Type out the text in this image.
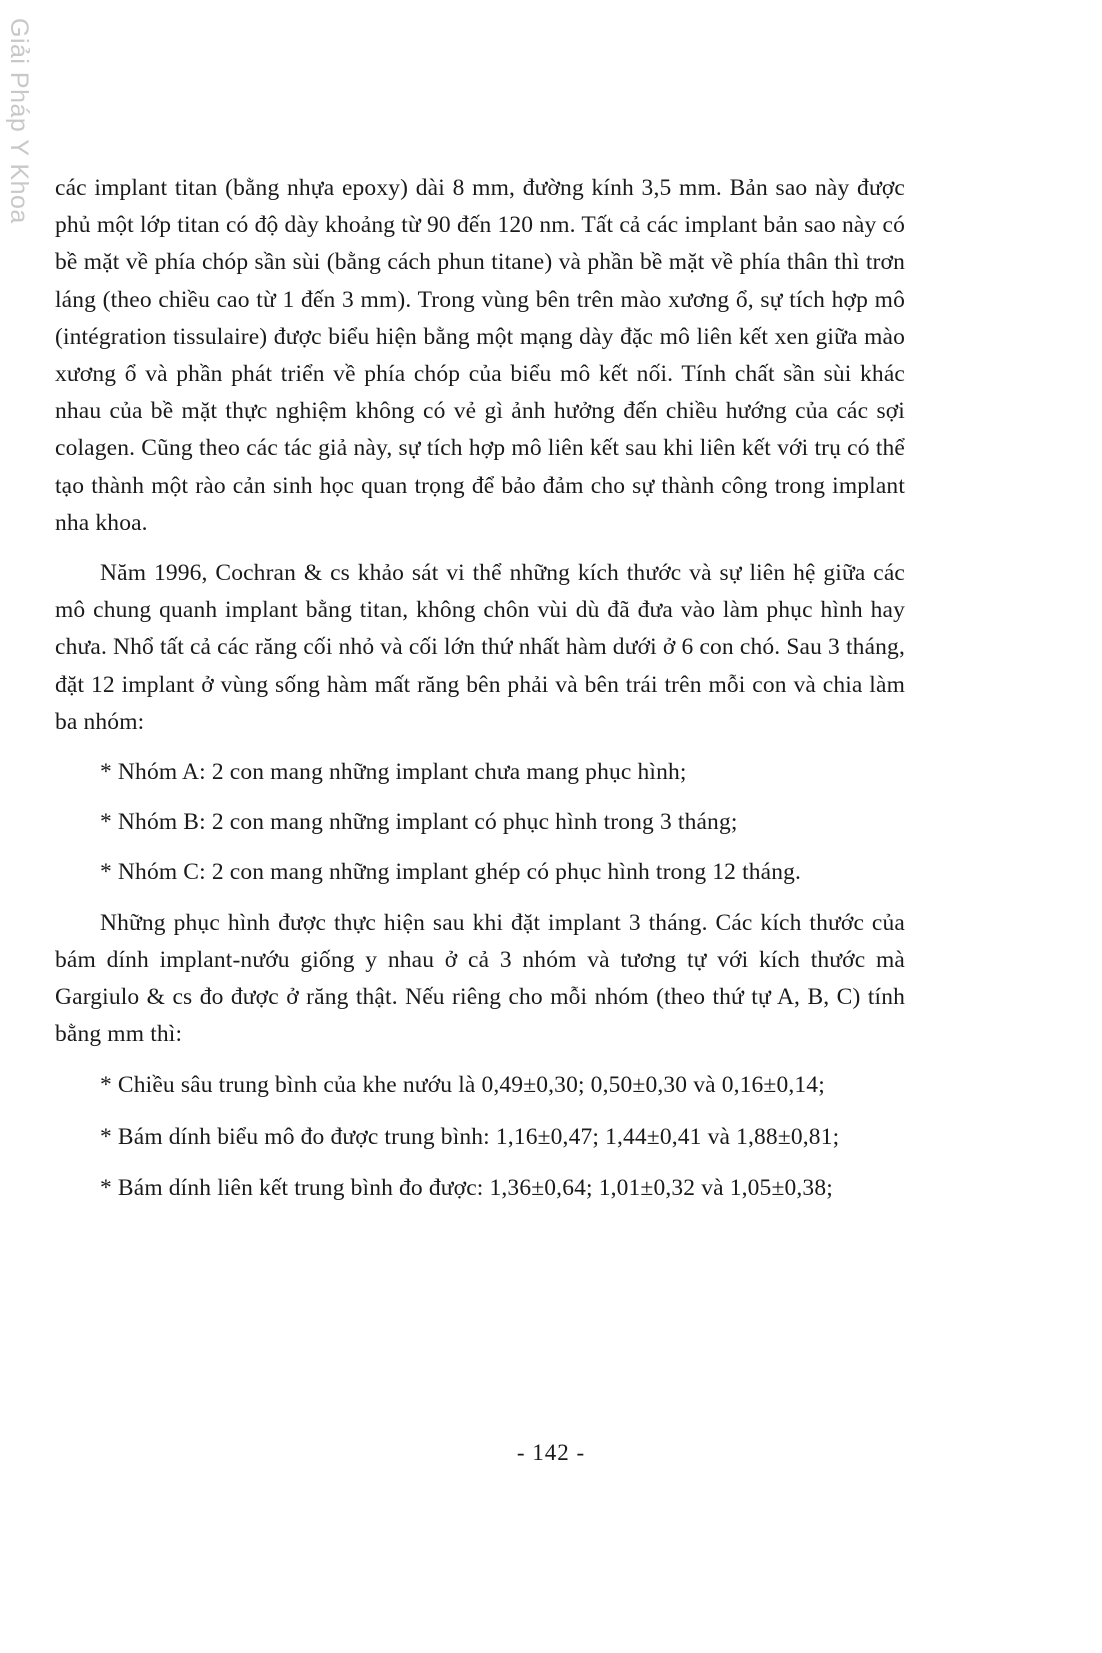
Giải Pháp Y Khoa các implant titan (bằng nhựa epoxy) dài 8 mm, đường kính 3,5 mm. Bản sao này được phủ một lớp titan có độ dày khoảng từ 90 đến 120 nm. Tất cả các implant bản sao này có bề mặt về phía chóp sần sùi (bằng cách phun titane) và phần bề mặt về phía thân thì trơn láng (theo chiều cao từ 1 đến 3 mm). Trong vùng bên trên mào xương ổ, sự tích hợp mô (intégration tissulaire) được biểu hiện bằng một mạng dày đặc mô liên kết xen giữa mào xương ổ và phần phát triển về phía chóp của biểu mô kết nối. Tính chất sần sùi khác nhau của bề mặt thực nghiệm không có vẻ gì ảnh hưởng đến chiều hướng của các sợi colagen. Cũng theo các tác giả này, sự tích hợp mô liên kết sau khi liên kết với trụ có thể tạo thành một rào cản sinh học quan trọng để bảo đảm cho sự thành công trong implant nha khoa.

Năm 1996, Cochran & cs khảo sát vi thể những kích thước và sự liên hệ giữa các mô chung quanh implant bằng titan, không chôn vùi dù đã đưa vào làm phục hình hay chưa. Nhổ tất cả các răng cối nhỏ và cối lớn thứ nhất hàm dưới ở 6 con chó. Sau 3 tháng, đặt 12 implant ở vùng sống hàm mất răng bên phải và bên trái trên mỗi con và chia làm ba nhóm:

* Nhóm A: 2 con mang những implant chưa mang phục hình;

* Nhóm B: 2 con mang những implant có phục hình trong 3 tháng;

* Nhóm C: 2 con mang những implant ghép có phục hình trong 12 tháng.

Những phục hình được thực hiện sau khi đặt implant 3 tháng. Các kích thước của bám dính implant-nướu giống y nhau ở cả 3 nhóm và tương tự với kích thước mà Gargiulo & cs đo được ở răng thật. Nếu riêng cho mỗi nhóm (theo thứ tự A, B, C) tính bằng mm thì:

* Chiều sâu trung bình của khe nướu là 0,49±0,30; 0,50±0,30 và 0,16±0,14;

* Bám dính biểu mô đo được trung bình: 1,16±0,47; 1,44±0,41 và 1,88±0,81;

* Bám dính liên kết trung bình đo được: 1,36±0,64; 1,01±0,32 và 1,05±0,38;

- 142 -
